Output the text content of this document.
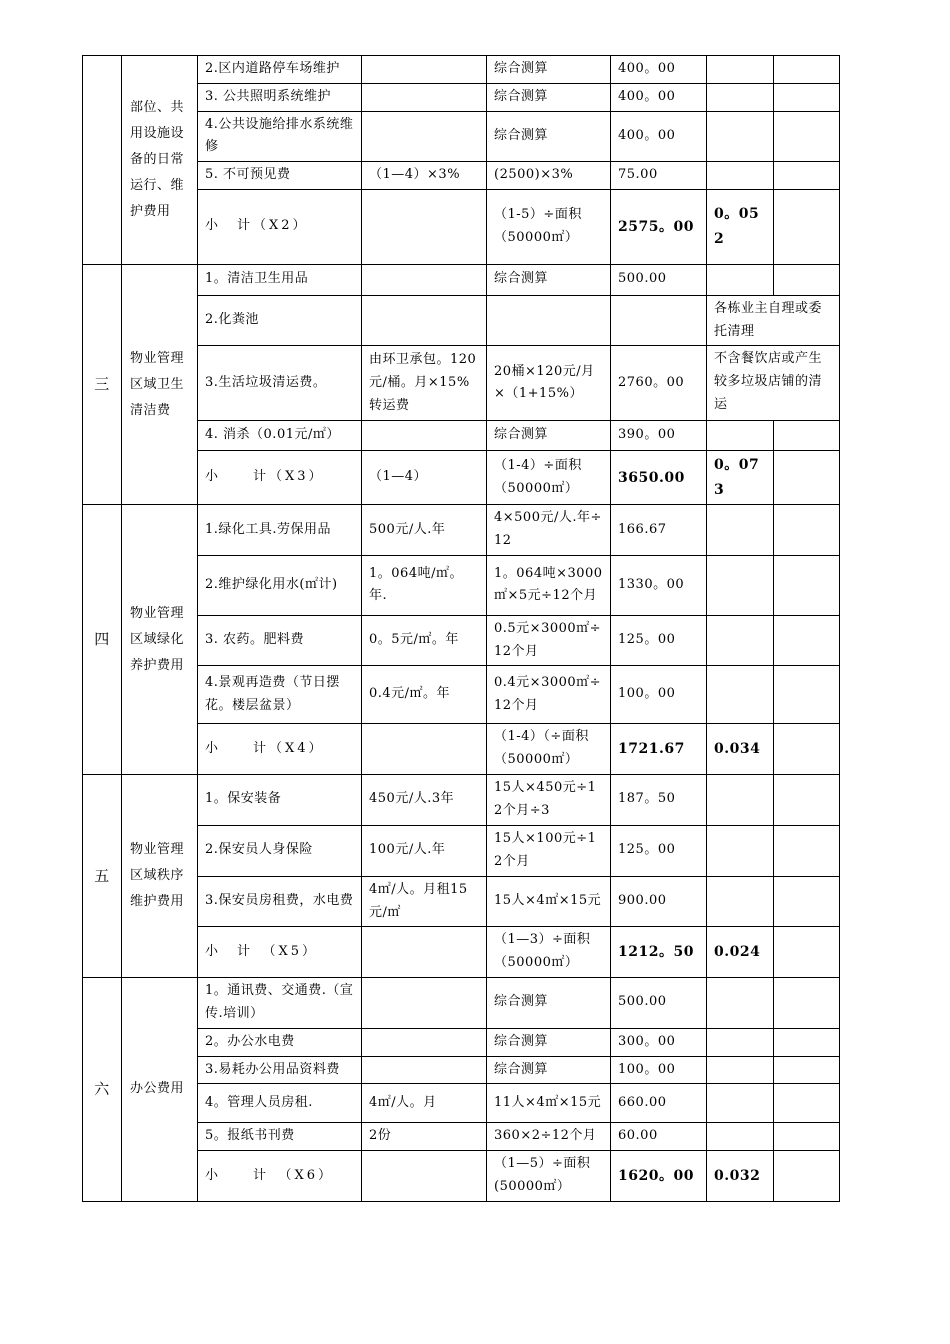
	部位、共用设施设备的日常运行、维护费用	2.区内道路停车场维护		综合测算	400。00		
		3. 公共照明系统维护		综合测算	400。00		
		4.公共设施给排水系统维修		综合测算	400。00		
		5. 不可预见费	（1—4）×3%	(2500)×3%	75.00		
		小　计（X2）		（1-5）÷面积（50000㎡）	2575。00	0。052	
三	物业管理区域卫生清洁费	1。清洁卫生用品		综合测算	500.00		
		2.化粪池				各栋业主自理或委托清理	
		3.生活垃圾清运费。	由环卫承包。120元/桶。月×15%转运费	20桶×120元/月×（1+15%）	2760。00	不含餐饮店或产生较多垃圾店铺的清运	
		4. 消杀（0.01元/㎡）		综合测算	390。00		
		小　　计（X3）	（1—4）	（1-4）÷面积（50000㎡）	3650.00	0。073	
四	物业管理区域绿化养护费用	1.绿化工具.劳保用品	500元/人.年	4×500元/人.年÷12	166.67		
		2.维护绿化用水(㎡计)	1。064吨/㎡。年.	1。064吨×3000㎡×5元÷12个月	1330。00		
		3. 农药。肥料费	0。5元/㎡。年	0.5元×3000㎡÷12个月	125。00		
		4.景观再造费（节日摆花。楼层盆景）	0.4元/㎡。年	0.4元×3000㎡÷12个月	100。00		
		小　　计（X4）		（1-4）（÷面积（50000㎡）	1721.67	0.034	
五	物业管理区域秩序维护费用	1。保安装备	450元/人.3年	15人×450元÷12个月÷3	187。50		
		2.保安员人身保险	100元/人.年	15人×100元÷12个月	125。00		
		3.保安员房租费，水电费	4㎡/人。月租15元/㎡	15人×4㎡×15元	900.00		
		小　计　（X5）		（1—3）÷面积（50000㎡）	1212。50	0.024	
六	办公费用	1。通讯费、交通费.（宣传.培训）		综合测算	500.00		
		2。办公水电费		综合测算	300。00		
		3.易耗办公用品资料费		综合测算	100。00		
		4。管理人员房租.	4㎡/人。月	11人×4㎡×15元	660.00		
		5。报纸书刊费	2份	360×2÷12个月	60.00		
		小　　计　（X6）		（1—5）÷面积(50000㎡）	1620。00	0.032	
